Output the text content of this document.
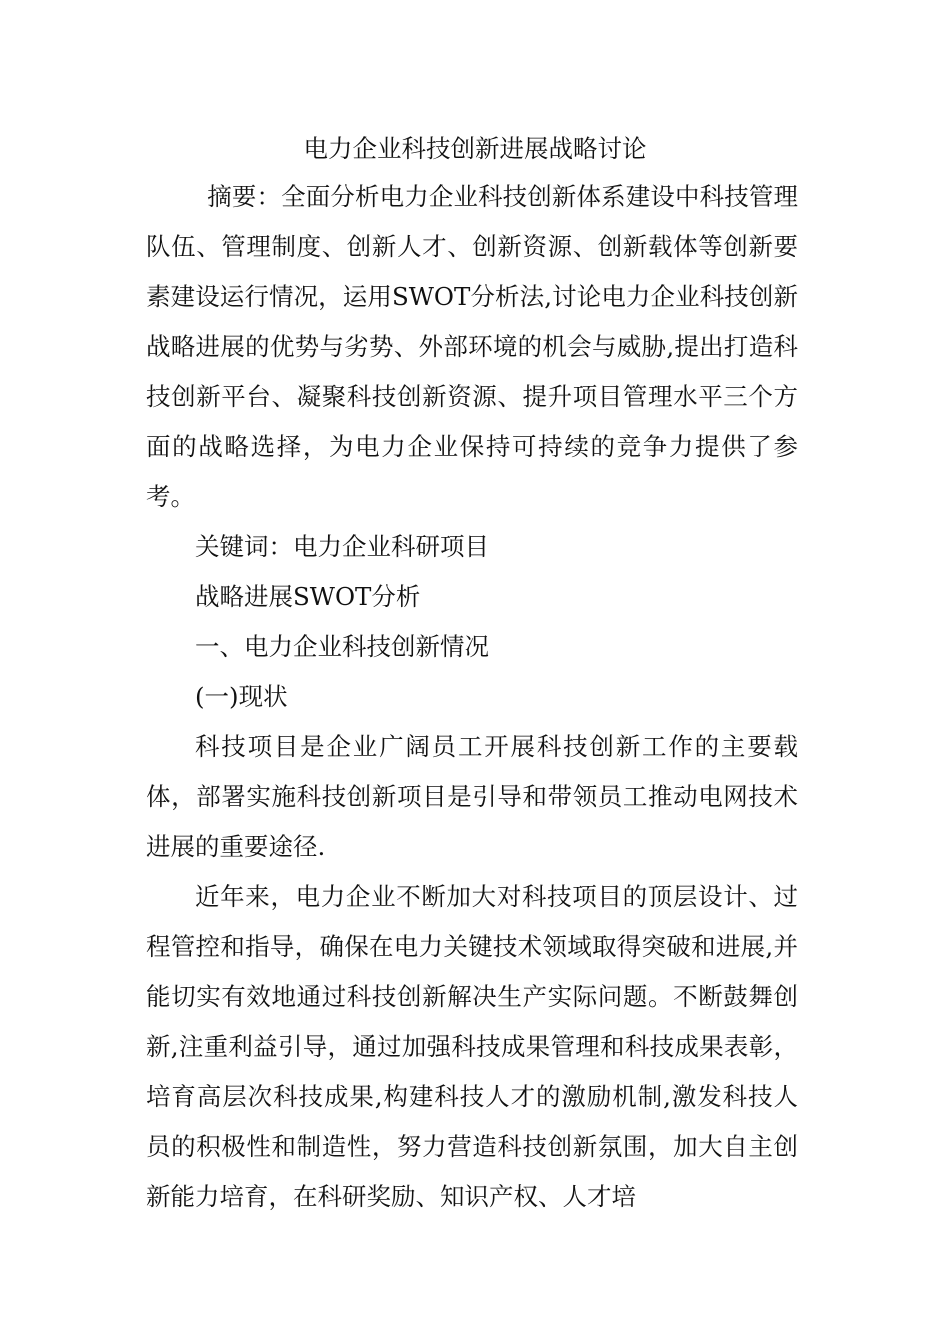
电力企业科技创新进展战略讨论

摘要：全面分析电力企业科技创新体系建设中科技管理队伍、管理制度、创新人才、创新资源、创新载体等创新要素建设运行情况，运用SWOT分析法,讨论电力企业科技创新战略进展的优势与劣势、外部环境的机会与威胁,提出打造科技创新平台、凝聚科技创新资源、提升项目管理水平三个方面的战略选择，为电力企业保持可持续的竞争力提供了参考。

关键词：电力企业科研项目

战略进展SWOT分析

一、电力企业科技创新情况

(一)现状

科技项目是企业广阔员工开展科技创新工作的主要载体，部署实施科技创新项目是引导和带领员工推动电网技术进展的重要途径.

近年来，电力企业不断加大对科技项目的顶层设计、过程管控和指导，确保在电力关键技术领域取得突破和进展,并能切实有效地通过科技创新解决生产实际问题。不断鼓舞创新,注重利益引导，通过加强科技成果管理和科技成果表彰，培育高层次科技成果,构建科技人才的激励机制,激发科技人员的积极性和制造性，努力营造科技创新氛围，加大自主创新能力培育，在科研奖励、知识产权、人才培
